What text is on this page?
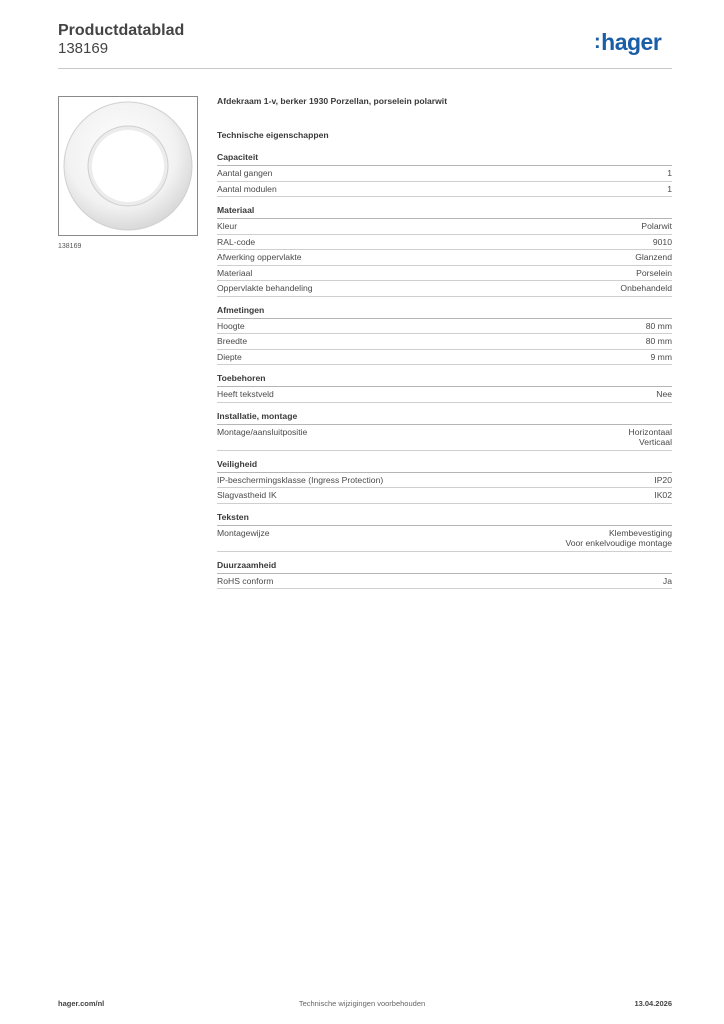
Productdatablad
138169	:hager
138169
Afdekraam 1-v, berker 1930 Porzellan, porselein polarwit
Technische eigenschappen
Capaciteit
Aantal gangen	1
Aantal modulen	1
Materiaal
Kleur	Polarwit
RAL-code	9010
Afwerking oppervlakte	Glanzend
Materiaal	Porselein
Oppervlakte behandeling	Onbehandeld
Afmetingen
Hoogte	80 mm
Breedte	80 mm
Diepte	9 mm
Toebehoren
Heeft tekstveld	Nee
Installatie, montage
Montage/aansluitpositie	Horizontaal
Verticaal
Veiligheid
IP-beschermingsklasse (Ingress Protection)	IP20
Slagvastheid IK	IK02
Teksten
Montagewijze	Klembevestiging
Voor enkelvoudige montage
Duurzaamheid
RoHS conform	Ja
hager.com/nl	Technische wijzigingen voorbehouden	13.04.2026
